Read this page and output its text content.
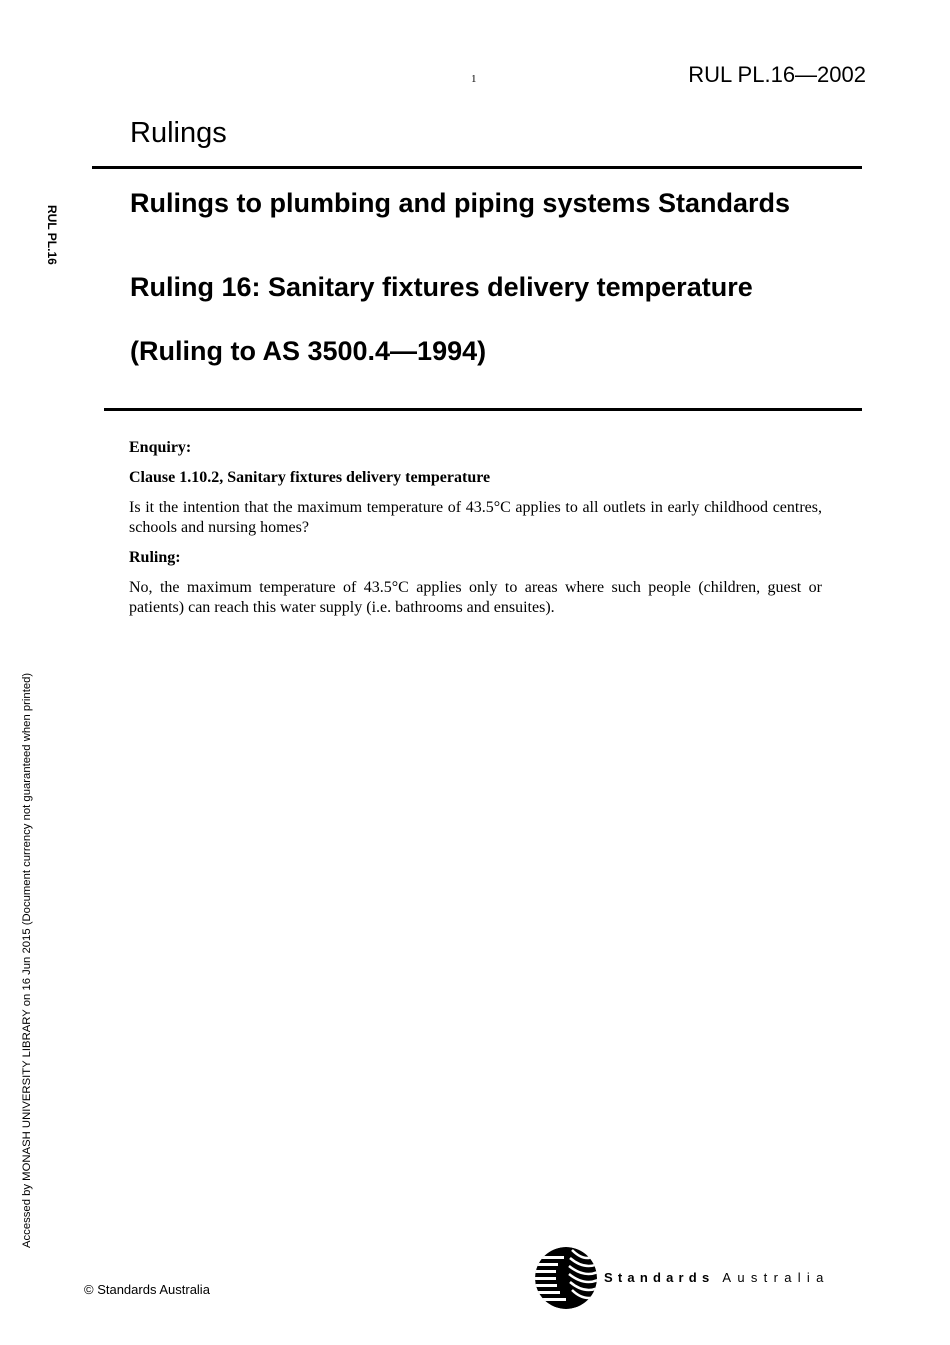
1	RUL PL.16—2002
Rulings
Rulings to plumbing and piping systems Standards
Ruling 16: Sanitary fixtures delivery temperature
(Ruling to AS 3500.4—1994)

Enquiry:

Clause 1.10.2, Sanitary fixtures delivery temperature

Is it the intention that the maximum temperature of 43.5°C applies to all outlets in early childhood centres, schools and nursing homes?

Ruling:

No, the maximum temperature of 43.5°C applies only to areas where such people (children, guest or patients) can reach this water supply (i.e. bathrooms and ensuites).

RUL PL.16
Accessed by MONASH UNIVERSITY LIBRARY on 16 Jun 2015 (Document currency not guaranteed when printed)
© Standards Australia
Standards Australia
